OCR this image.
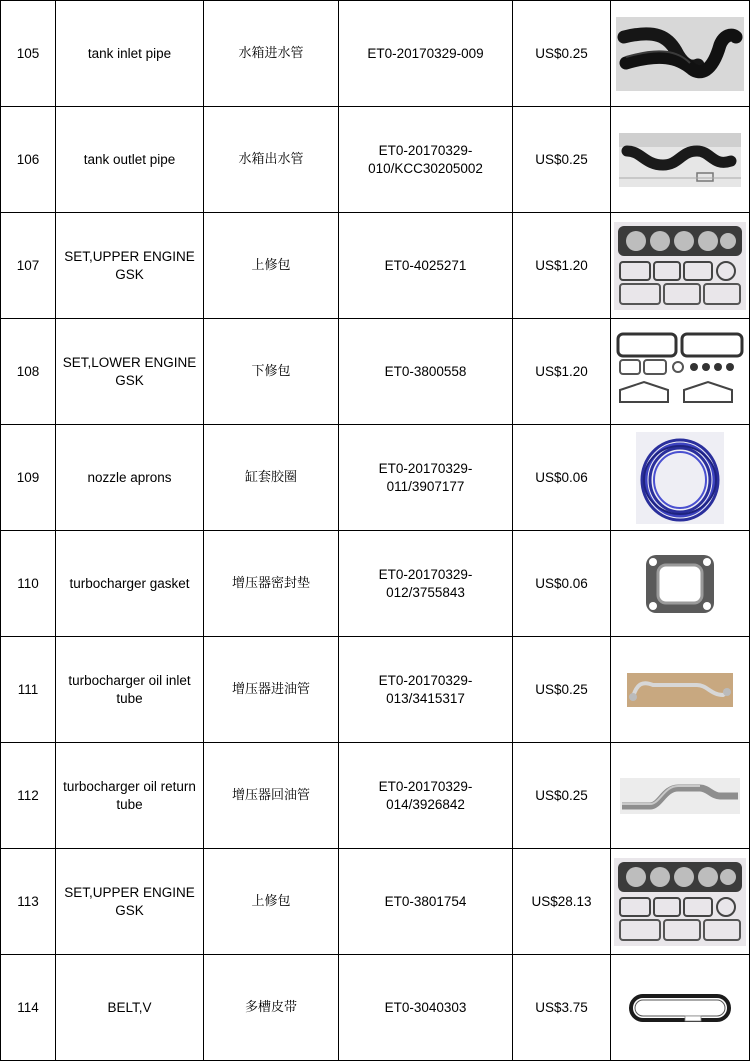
105	tank inlet pipe	水箱进水管	ET0-20170329-009	US$0.25	

106	tank outlet pipe	水箱出水管	ET0-20170329-010/KCC30205002	US$0.25	

107	SET,UPPER ENGINE GSK	上修包	ET0-4025271	US$1.20	

108	SET,LOWER ENGINE GSK	下修包	ET0-3800558	US$1.20	

109	nozzle aprons	缸套胶圈	ET0-20170329-011/3907177	US$0.06	

110	turbocharger gasket	增压器密封垫	ET0-20170329-012/3755843	US$0.06	

111	turbocharger oil inlet tube	增压器进油管	ET0-20170329-013/3415317	US$0.25	

112	turbocharger oil return tube	增压器回油管	ET0-20170329-014/3926842	US$0.25	

113	SET,UPPER ENGINE GSK	上修包	ET0-3801754	US$28.13	

114	BELT,V	多槽皮带	ET0-3040303	US$3.75	
